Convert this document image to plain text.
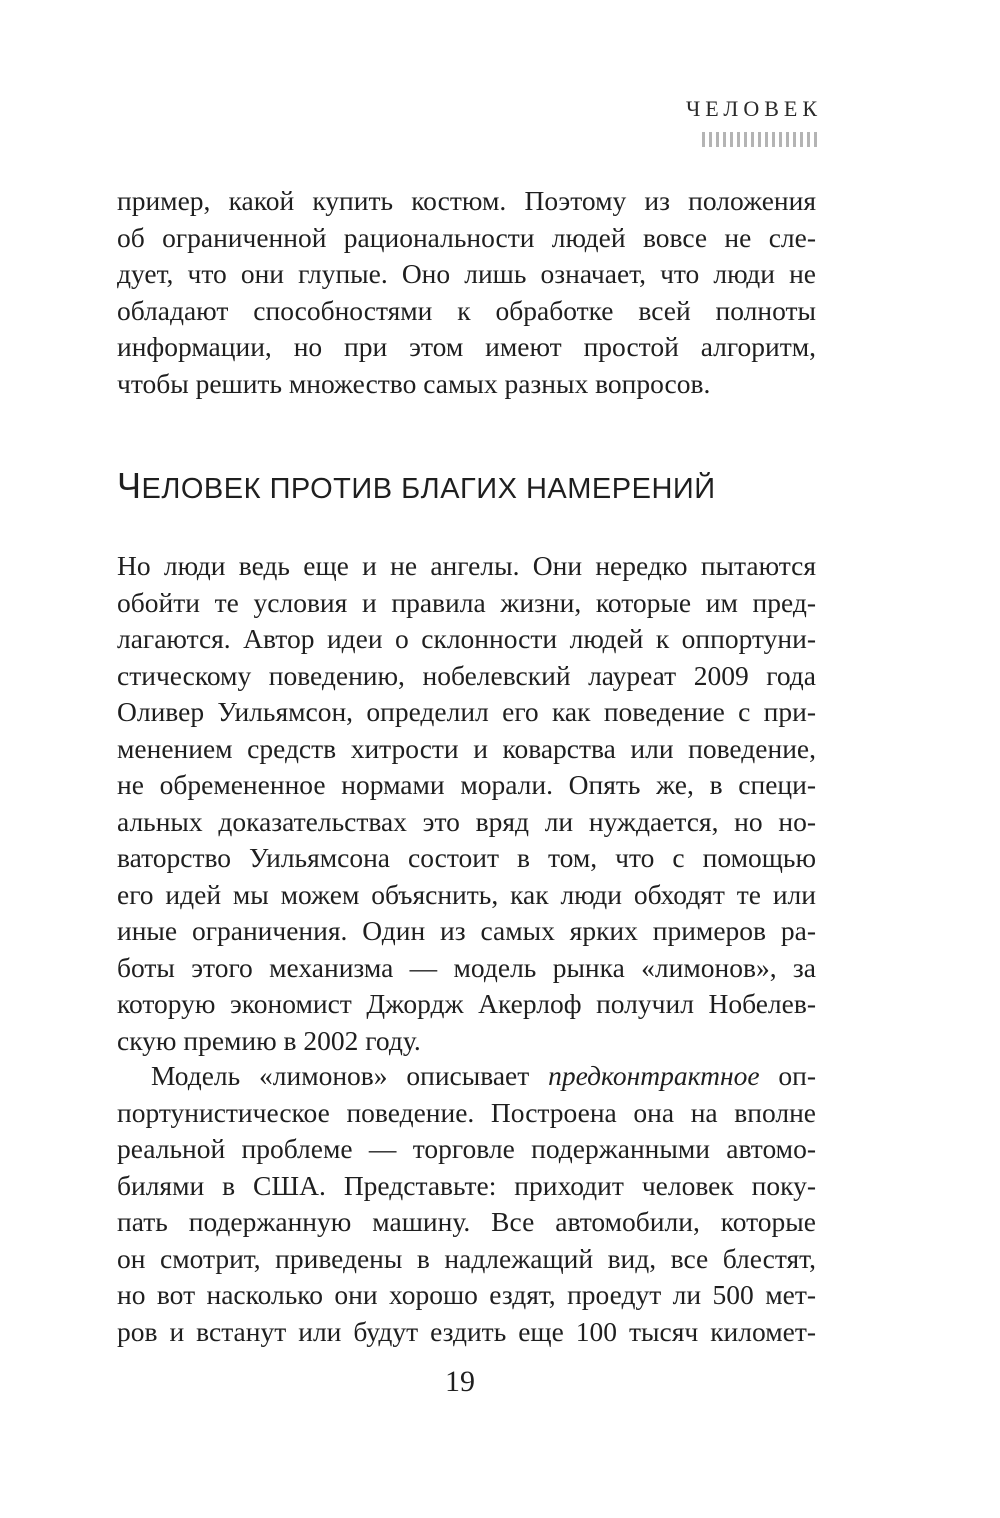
ЧЕЛОВЕК
пример, какой купить костюм. Поэтому из положения
об ограниченной рациональности людей вовсе не сле-
дует, что они глупые. Оно лишь означает, что люди не
обладают способностями к обработке всей полноты
информации, но при этом имеют простой алгоритм,
чтобы решить множество самых разных вопросов.
ЧЕЛОВЕК ПРОТИВ БЛАГИХ НАМЕРЕНИЙ
Но люди ведь еще и не ангелы. Они нередко пытаются
обойти те условия и правила жизни, которые им пред-
лагаются. Автор идеи о склонности людей к оппортуни-
стическому поведению, нобелевский лауреат 2009 года
Оливер Уильямсон, определил его как поведение с при-
менением средств хитрости и коварства или поведение,
не обремененное нормами морали. Опять же, в специ-
альных доказательствах это вряд ли нуждается, но но-
ваторство Уильямсона состоит в том, что с помощью
его идей мы можем объяснить, как люди обходят те или
иные ограничения. Один из самых ярких примеров ра-
боты этого механизма — модель рынка «лимонов», за
которую экономист Джордж Акерлоф получил Нобелев-
скую премию в 2002 году.
Модель «лимонов» описывает предконтрактное оп-
портунистическое поведение. Построена она на вполне
реальной проблеме — торговле подержанными автомо-
билями в США. Представьте: приходит человек поку-
пать подержанную машину. Все автомобили, которые
он смотрит, приведены в надлежащий вид, все блестят,
но вот насколько они хорошо ездят, проедут ли 500 мет-
ров и встанут или будут ездить еще 100 тысяч километ-
19
